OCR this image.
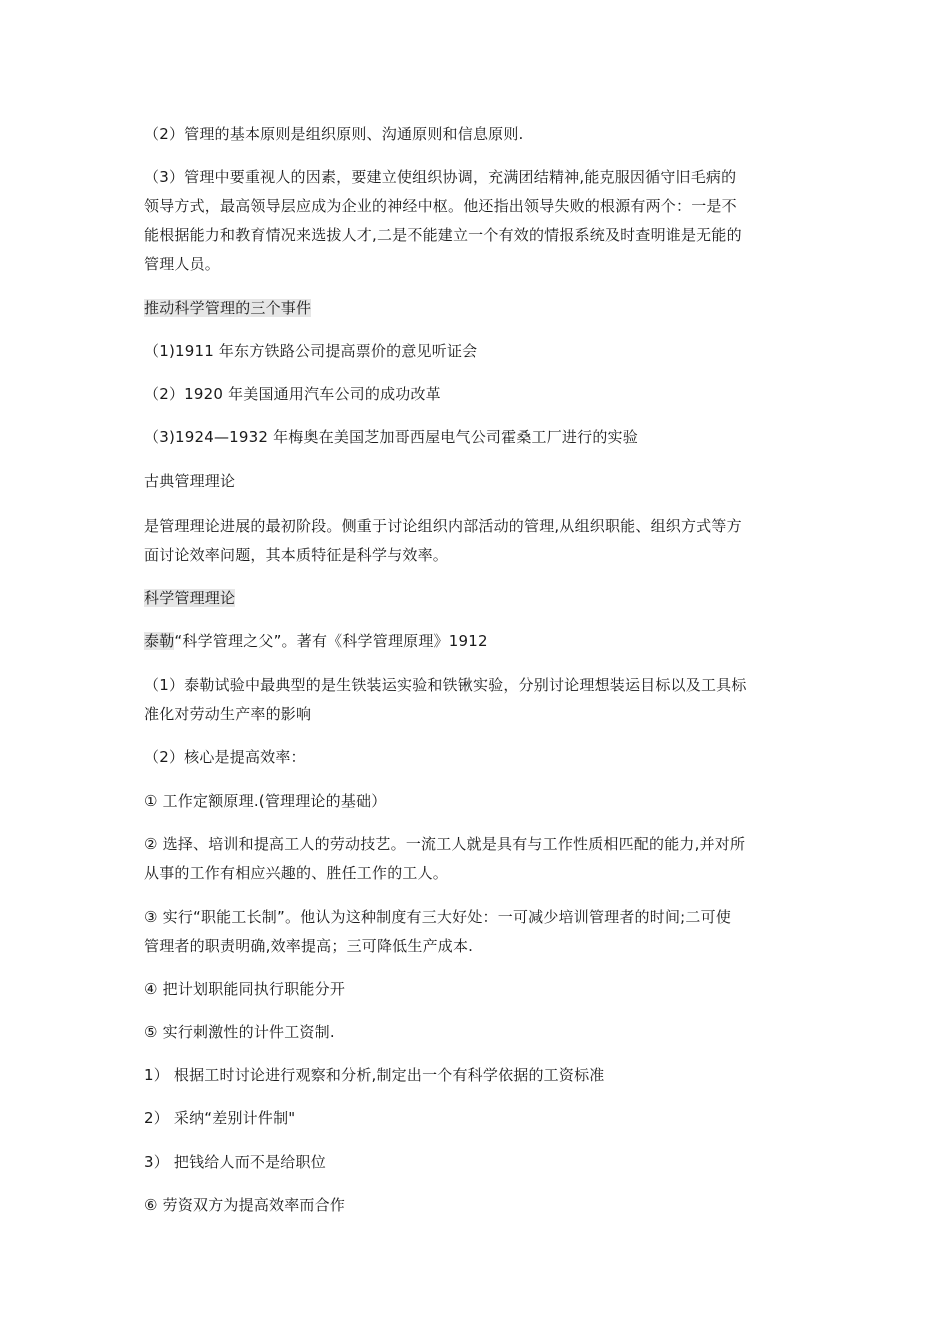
（2）管理的基本原则是组织原则、沟通原则和信息原则.
（3）管理中要重视人的因素，要建立使组织协调，充满团结精神,能克服因循守旧毛病的
领导方式，最高领导层应成为企业的神经中枢。他还指出领导失败的根源有两个：一是不
能根据能力和教育情况来选拔人才,二是不能建立一个有效的情报系统及时查明谁是无能的
管理人员。
推动科学管理的三个事件
（1)1911 年东方铁路公司提高票价的意见听证会
（2）1920 年美国通用汽车公司的成功改革
（3)1924—1932 年梅奥在美国芝加哥西屋电气公司霍桑工厂进行的实验
古典管理理论
是管理理论进展的最初阶段。侧重于讨论组织内部活动的管理,从组织职能、组织方式等方
面讨论效率问题，其本质特征是科学与效率。
科学管理理论
泰勒“科学管理之父”。著有《科学管理原理》1912
（1）泰勒试验中最典型的是生铁装运实验和铁锹实验，分别讨论理想装运目标以及工具标
准化对劳动生产率的影响
（2）核心是提高效率：
① 工作定额原理.(管理理论的基础）
② 选择、培训和提高工人的劳动技艺。一流工人就是具有与工作性质相匹配的能力,并对所
从事的工作有相应兴趣的、胜任工作的工人。
③ 实行“职能工长制”。他认为这种制度有三大好处：一可减少培训管理者的时间;二可使
管理者的职责明确,效率提高；三可降低生产成本.
④ 把计划职能同执行职能分开
⑤ 实行刺激性的计件工资制.
1） 根据工时讨论进行观察和分析,制定出一个有科学依据的工资标准
2） 采纳“差别计件制"
3） 把钱给人而不是给职位
⑥ 劳资双方为提高效率而合作
